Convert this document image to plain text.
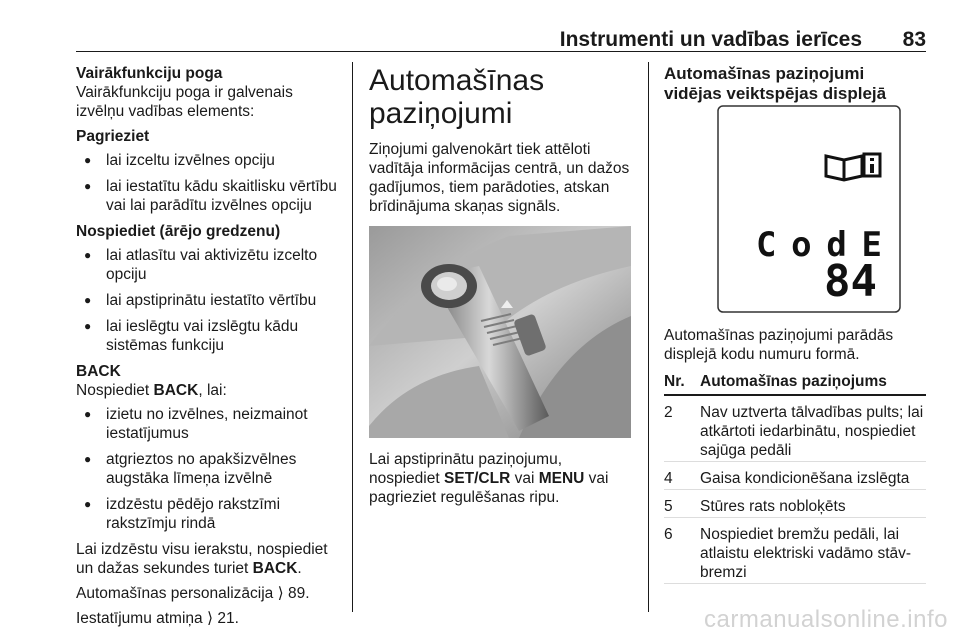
Instrumenti un vadības ierīces 83

Vairākfunkciju poga

Vairākfunkciju poga ir galvenais izvēlņu vadības elements:

Pagrieziet

● lai izceltu izvēlnes opciju
● lai iestatītu kādu skaitlisku vērtību vai lai parādītu izvēlnes opciju

Nospiediet (ārējo gredzenu)

● lai atlasītu vai aktivizētu izcelto opciju
● lai apstiprinātu iestatīto vērtību
● lai ieslēgtu vai izslēgtu kādu sistēmas funkciju

BACK

Nospiediet BACK, lai:

● izietu no izvēlnes, neizmainot iestatījumus
● atgrieztos no apakšizvēlnes augstāka līmeņa izvēlnē
● izdzēstu pēdējo rakstzīmi rakstzīmju rindā

Lai izdzēstu visu ierakstu, nospiediet un dažas sekundes turiet BACK.

Automašīnas personalizācija ⟩ 89.

Iestatījumu atmiņa ⟩ 21.

Automašīnas
paziņojumi

Ziņojumi galvenokārt tiek attēloti vadītāja informācijas centrā, un dažos gadījumos, tiem parādoties, atskan brīdinājuma skaņas signāls.

Lai apstiprinātu paziņojumu, nospiediet SET/CLR vai MENU vai pagrieziet regulēšanas ripu.

Automašīnas paziņojumi vidējas veiktspējas displejā

CodE
84

Automašīnas paziņojumi parādās displejā kodu numuru formā.

Nr.	Automašīnas paziņojums
2	Nav uztverta tālvadības pults; lai atkārtoti iedarbinātu, nospiediet sajūga pedāli
4	Gaisa kondicionēšana izslēgta
5	Stūres rats nobloķēts
6	Nospiediet bremžu pedāli, lai atlaistu elektriski vadāmo stāvbremzi
carmanualsonline.info
